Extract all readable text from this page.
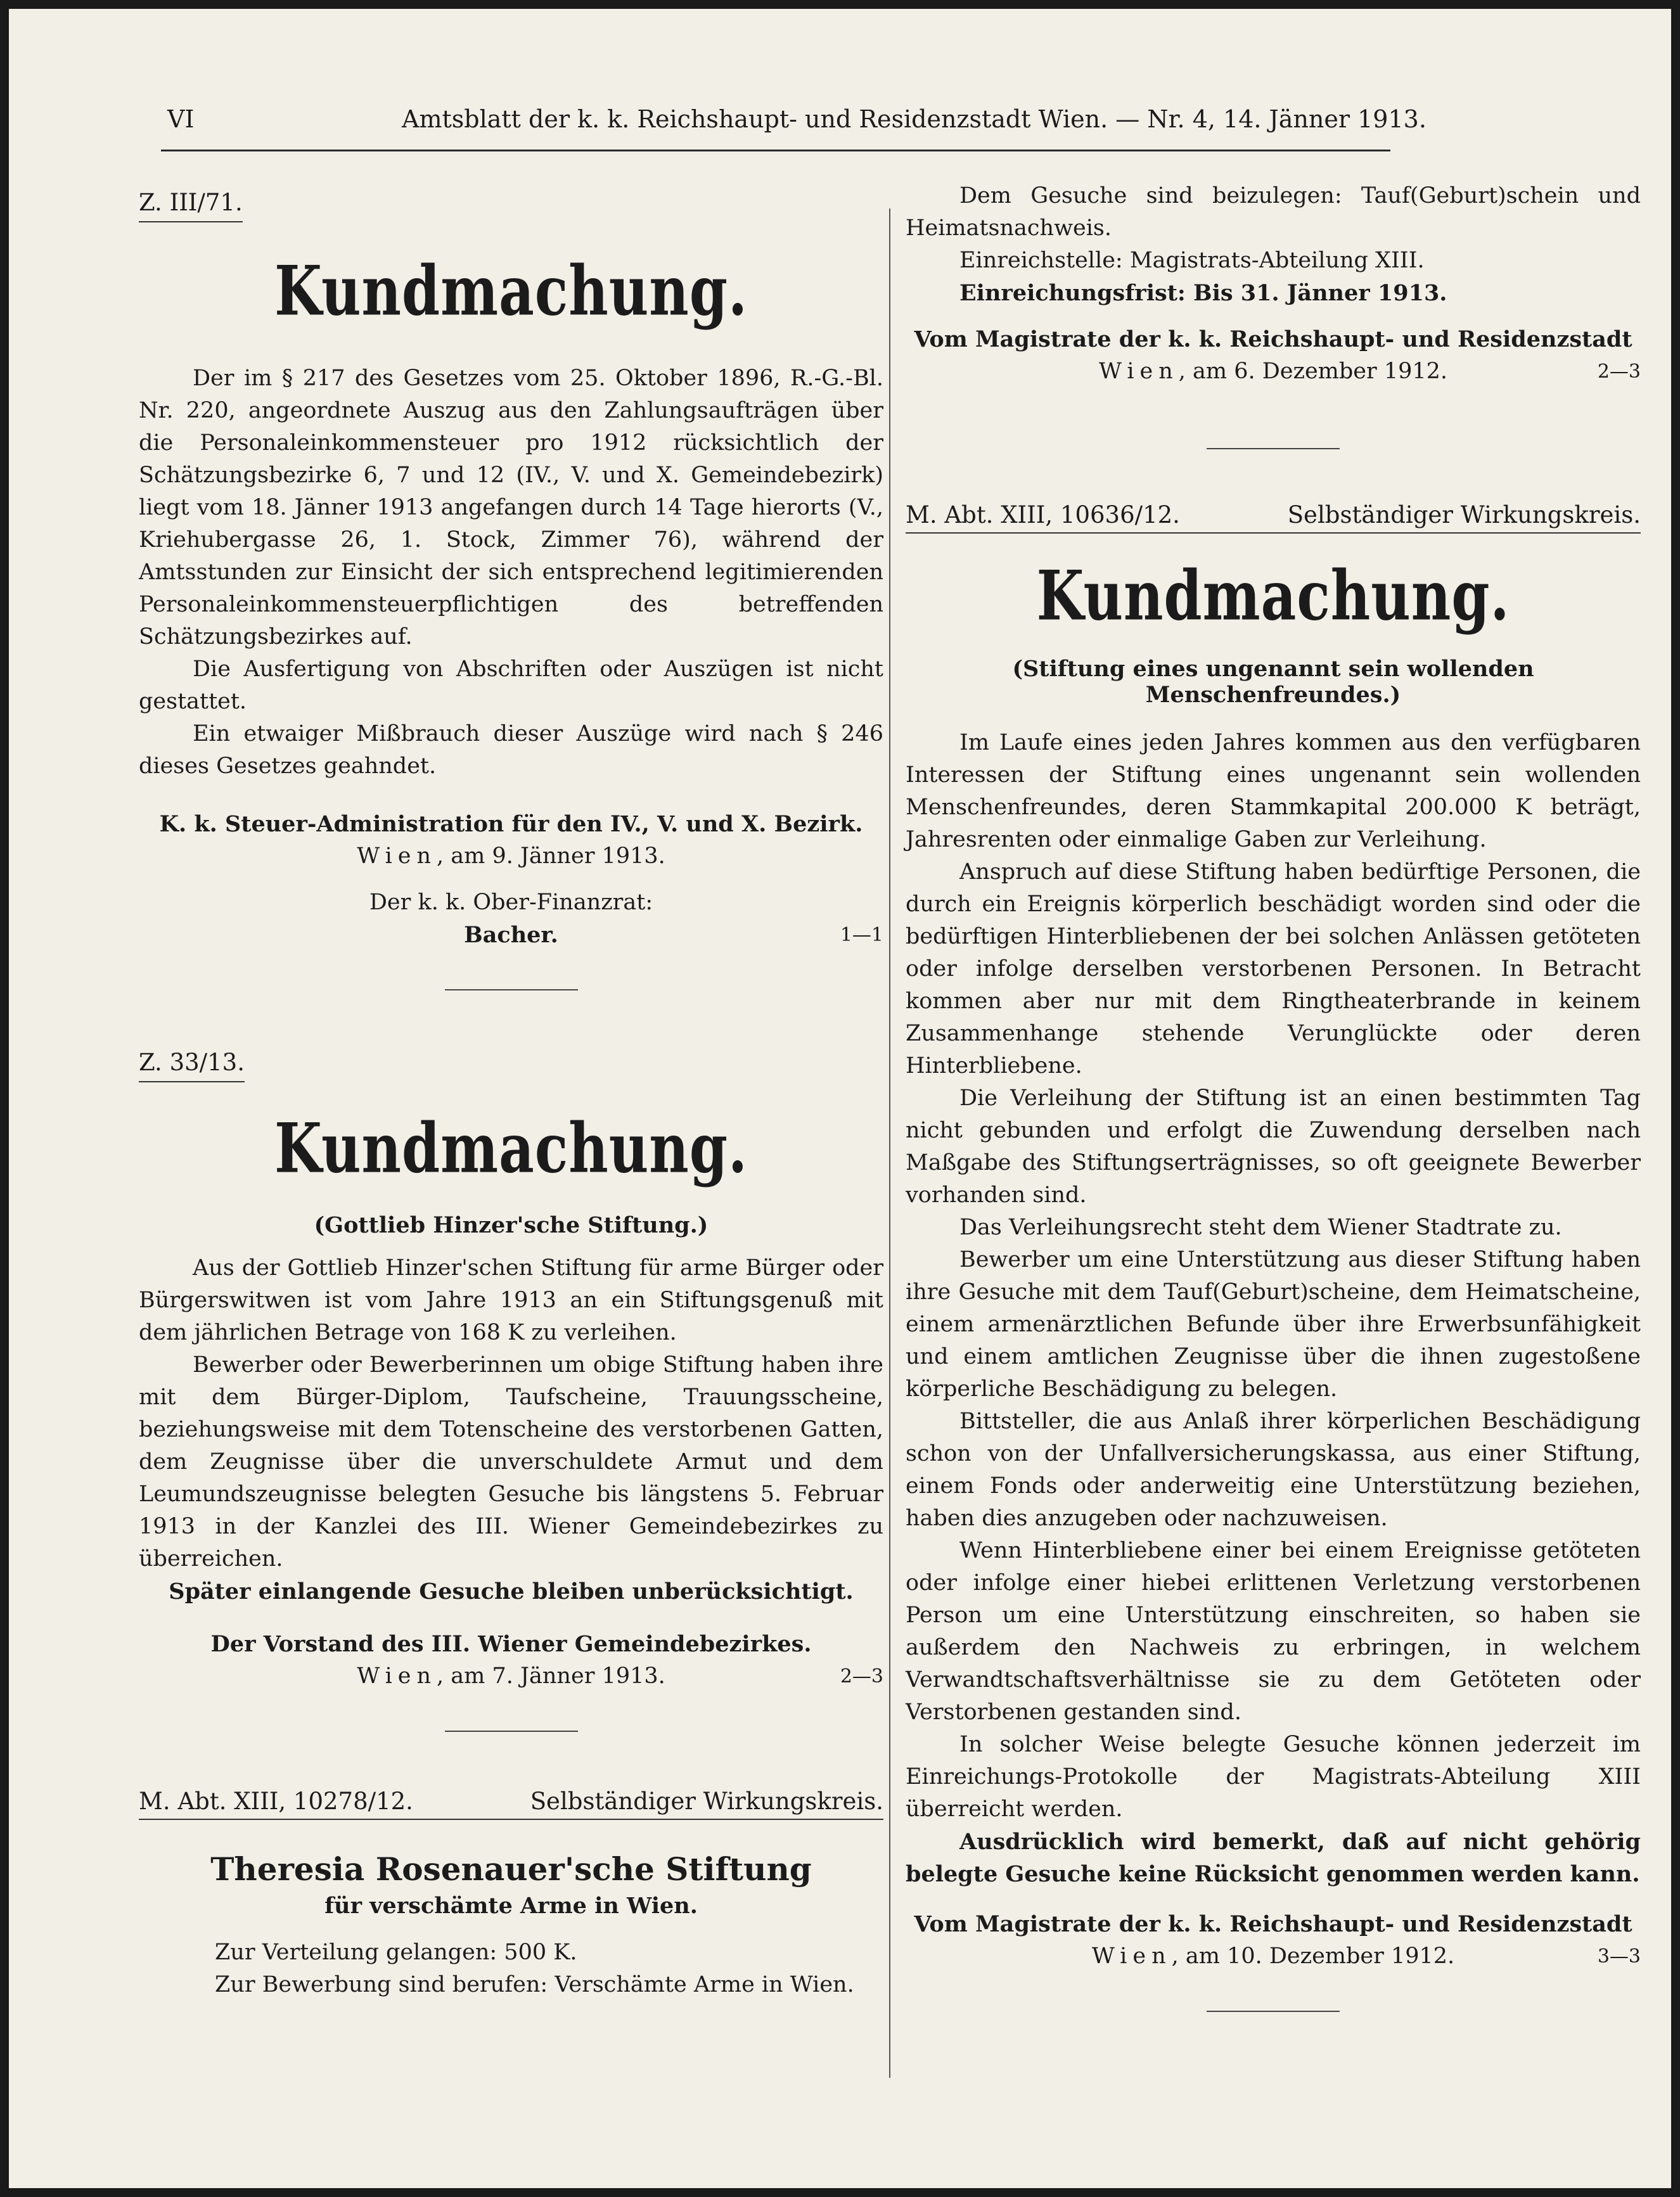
VI	Amtsblatt der k. k. Reichshaupt- und Residenzstadt Wien. — Nr. 4, 14. Jänner 1913.
Z. III/71.
Kundmachung.

Der im § 217 des Gesetzes vom 25. Oktober 1896, R.-G.-Bl. Nr. 220, angeordnete Auszug aus den Zahlungsaufträgen über die Personaleinkommensteuer pro 1912 rücksichtlich der Schätzungsbezirke 6, 7 und 12 (IV., V. und X. Gemeindebezirk) liegt vom 18. Jänner 1913 angefangen durch 14 Tage hierorts (V., Kriehubergasse 26, 1. Stock, Zimmer 76), während der Amtsstunden zur Einsicht der sich entsprechend legitimierenden Personaleinkommensteuerpflichtigen des betreffenden Schätzungsbezirkes auf.

Die Ausfertigung von Abschriften oder Auszügen ist nicht gestattet.

Ein etwaiger Mißbrauch dieser Auszüge wird nach § 246 dieses Gesetzes geahndet.

K. k. Steuer-Administration für den IV., V. und X. Bezirk.

Wien, am 9. Jänner 1913.

Der k. k. Ober-Finanzrat:

Bacher.	1—1
Z. 33/13.
Kundmachung.

(Gottlieb Hinzer'sche Stiftung.)

Aus der Gottlieb Hinzer'schen Stiftung für arme Bürger oder Bürgerswitwen ist vom Jahre 1913 an ein Stiftungsgenuß mit dem jährlichen Betrage von 168 K zu verleihen.

Bewerber oder Bewerberinnen um obige Stiftung haben ihre mit dem Bürger-Diplom, Taufscheine, Trauungsscheine, beziehungsweise mit dem Totenscheine des verstorbenen Gatten, dem Zeugnisse über die unverschuldete Armut und dem Leumundszeugnisse belegten Gesuche bis längstens 5. Februar 1913 in der Kanzlei des III. Wiener Gemeindebezirkes zu überreichen.

Später einlangende Gesuche bleiben unberücksichtigt.

Der Vorstand des III. Wiener Gemeindebezirkes.

Wien, am 7. Jänner 1913.	2—3
M. Abt. XIII, 10278/12.	Selbständiger Wirkungskreis.
Theresia Rosenauer'sche Stiftung

für verschämte Arme in Wien.

Zur Verteilung gelangen: 500 K.

Zur Bewerbung sind berufen: Verschämte Arme in Wien.

Dem Gesuche sind beizulegen: Tauf(Geburt)schein und Heimatsnachweis.

Einreichstelle: Magistrats-Abteilung XIII.

Einreichungsfrist: Bis 31. Jänner 1913.

Vom Magistrate der k. k. Reichshaupt- und Residenzstadt

Wien, am 6. Dezember 1912.	2—3
M. Abt. XIII, 10636/12.	Selbständiger Wirkungskreis.
Kundmachung.

(Stiftung eines ungenannt sein wollenden Menschenfreundes.)

Im Laufe eines jeden Jahres kommen aus den verfügbaren Interessen der Stiftung eines ungenannt sein wollenden Menschenfreundes, deren Stammkapital 200.000 K beträgt, Jahresrenten oder einmalige Gaben zur Verleihung.

Anspruch auf diese Stiftung haben bedürftige Personen, die durch ein Ereignis körperlich beschädigt worden sind oder die bedürftigen Hinterbliebenen der bei solchen Anlässen getöteten oder infolge derselben verstorbenen Personen. In Betracht kommen aber nur mit dem Ringtheaterbrande in keinem Zusammenhange stehende Verunglückte oder deren Hinterbliebene.

Die Verleihung der Stiftung ist an einen bestimmten Tag nicht gebunden und erfolgt die Zuwendung derselben nach Maßgabe des Stiftungserträgnisses, so oft geeignete Bewerber vorhanden sind.

Das Verleihungsrecht steht dem Wiener Stadtrate zu.

Bewerber um eine Unterstützung aus dieser Stiftung haben ihre Gesuche mit dem Tauf(Geburt)scheine, dem Heimatscheine, einem armenärztlichen Befunde über ihre Erwerbsunfähigkeit und einem amtlichen Zeugnisse über die ihnen zugestoßene körperliche Beschädigung zu belegen.

Bittsteller, die aus Anlaß ihrer körperlichen Beschädigung schon von der Unfallversicherungskassa, aus einer Stiftung, einem Fonds oder anderweitig eine Unterstützung beziehen, haben dies anzugeben oder nachzuweisen.

Wenn Hinterbliebene einer bei einem Ereignisse getöteten oder infolge einer hiebei erlittenen Verletzung verstorbenen Person um eine Unterstützung einschreiten, so haben sie außerdem den Nachweis zu erbringen, in welchem Verwandtschaftsverhältnisse sie zu dem Getöteten oder Verstorbenen gestanden sind.

In solcher Weise belegte Gesuche können jederzeit im Einreichungs-Protokolle der Magistrats-Abteilung XIII überreicht werden.

Ausdrücklich wird bemerkt, daß auf nicht gehörig belegte Gesuche keine Rücksicht genommen werden kann.

Vom Magistrate der k. k. Reichshaupt- und Residenzstadt

Wien, am 10. Dezember 1912.	3—3
